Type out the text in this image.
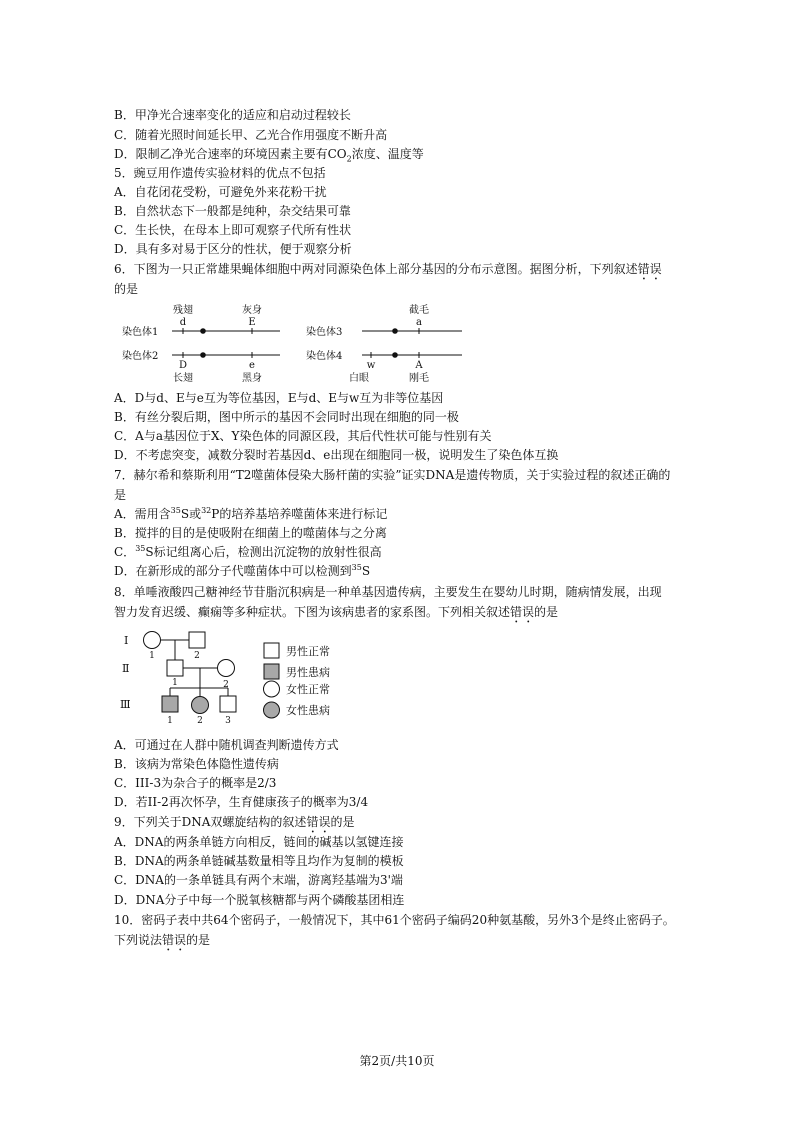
B．甲净光合速率变化的适应和启动过程较长
C．随着光照时间延长甲、乙光合作用强度不断升高
D．限制乙净光合速率的环境因素主要有$CO_2$浓度、温度等
5．豌豆用作遗传实验材料的优点不包括
A．自花闭花受粉，可避免外来花粉干扰
B．自然状态下一般都是纯种，杂交结果可靠
C．生长快，在母本上即可观察子代所有性状
D．具有多对易于区分的性状，便于观察分析
6．下图为一只正常雄果蝇体细胞中两对同源染色体上部分基因的分布示意图。据图分析，下列叙述错误
的是
A．D与d、E与e互为等位基因，E与d、E与w互为非等位基因
B．有丝分裂后期，图中所示的基因不会同时出现在细胞的同一极
C．A与a基因位于X、Y染色体的同源区段，其后代性状可能与性别有关
D．不考虑突变，减数分裂时若基因d、e出现在细胞同一极，说明发生了染色体互换
7．赫尔希和蔡斯利用“T2噬菌体侵染大肠杆菌的实验”证实DNA是遗传物质，关于实验过程的叙述正确的
是
A．需用含$^{35}$S或$^{32}$P的培养基培养噬菌体来进行标记
B．搅拌的目的是使吸附在细菌上的噬菌体与之分离
C．$^{35}$S标记组离心后，检测出沉淀物的放射性很高
D．在新形成的部分子代噬菌体中可以检测到$^{35}$S
8．单唾液酸四己糖神经节苷脂沉积病是一种单基因遗传病，主要发生在婴幼儿时期，随病情发展，出现
智力发育迟缓、癫痫等多种症状。下图为该病患者的家系图。下列相关叙述错误的是
A．可通过在人群中随机调查判断遗传方式
B．该病为常染色体隐性遗传病
C．III-3为杂合子的概率是2/3
D．若II-2再次怀孕，生育健康孩子的概率为3/4
9．下列关于DNA双螺旋结构的叙述错误的是
A．DNA的两条单链方向相反，链间的碱基以氢键连接
B．DNA的两条单链碱基数量相等且均作为复制的模板
C．DNA的一条单链具有两个末端，游离羟基端为3'端
D．DNA分子中每一个脱氧核糖都与两个磷酸基团相连
10．密码子表中共64个密码子，一般情况下，其中61个密码子编码20种氨基酸，另外3个是终止密码子。
下列说法错误的是
残翅	灰身	截毛
d	E	a
D	e	w	A
长翅	黑身	白眼	刚毛
染色体1
染色体2
染色体3
染色体4
Ⅰ
Ⅱ
Ⅲ
1	2
1	2
1	2 3
男性正常
男性患病
女性正常
女性患病
第2页/共10页
